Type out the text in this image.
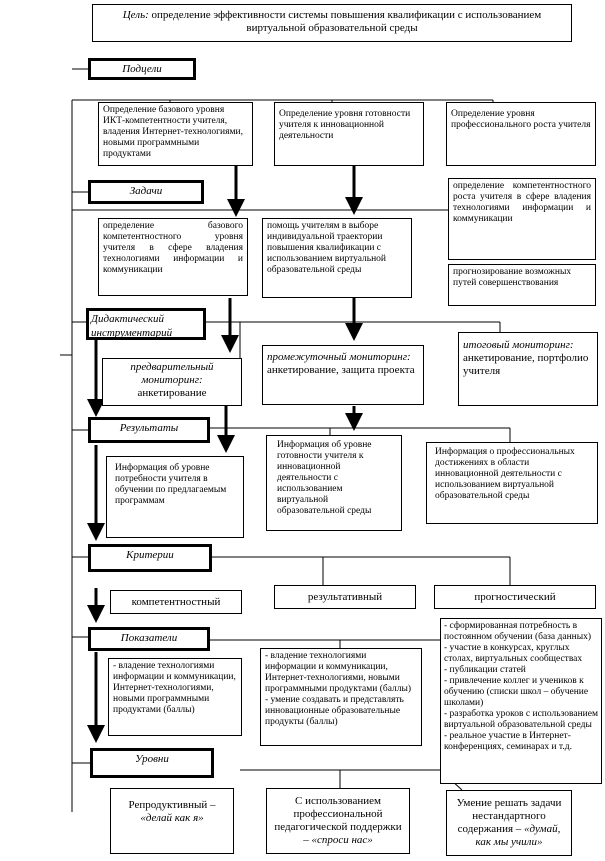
Цель: определение эффективности системы повышения квалификации с использованием виртуальной образовательной среды
Подцели
Задачи
Дидактический инструментарий
Результаты
Критерии
Показатели
Уровни
Определение базового уровня ИКТ-компетентности учителя, владения Интернет-технологиями, новыми программными продуктами
Определение уровня готовности учителя к инновационной деятельности
Определение уровня профессионального роста учителя
определение базового компетентностного уровня учителя в сфере владения технологиями информации и коммуникации
помощь учителям в выборе индивидуальной траектории повышения квалификации с использованием виртуальной образовательной среды
определение компетентностного роста учителя в сфере владения технологиями информации и коммуникации
прогнозирование возможных путей совершенствования
предварительный мониторинг:
анкетирование
промежуточный мониторинг: анкетирование, защита проекта
итоговый мониторинг:
анкетирование, портфолио учителя
Информация об уровне потребности учителя в обучении по предлагаемым программам
Информация об уровне готовности учителя к инновационной деятельности с использованием виртуальной образовательной среды
Информация о профессиональных достижениях в области инновационной деятельности с использованием виртуальной образовательной среды
компетентностный	результативный	прогностический
- владение технологиями информации и коммуникации, Интернет-технологиями, новыми программными продуктами (баллы)
- владение технологиями информации и коммуникации, Интернет-технологиями, новыми программными продуктами (баллы)
- умение создавать и представлять инновационные образовательные продукты (баллы)
- сформированная потребность в постоянном обучении (база данных)
- участие в конкурсах, круглых столах, виртуальных сообществах
- публикации статей
- привлечение коллег и учеников к обучению (списки школ – обучение школами)
- разработка уроков с использованием виртуальной образовательной среды
- реальное участие в Интернет-конференциях, семинарах и т.д.
Репродуктивный – «делай как я»
С использованием профессиональной педагогической поддержки – «спроси нас»
Умение решать задачи нестандартного содержания – «думай, как мы учили»
